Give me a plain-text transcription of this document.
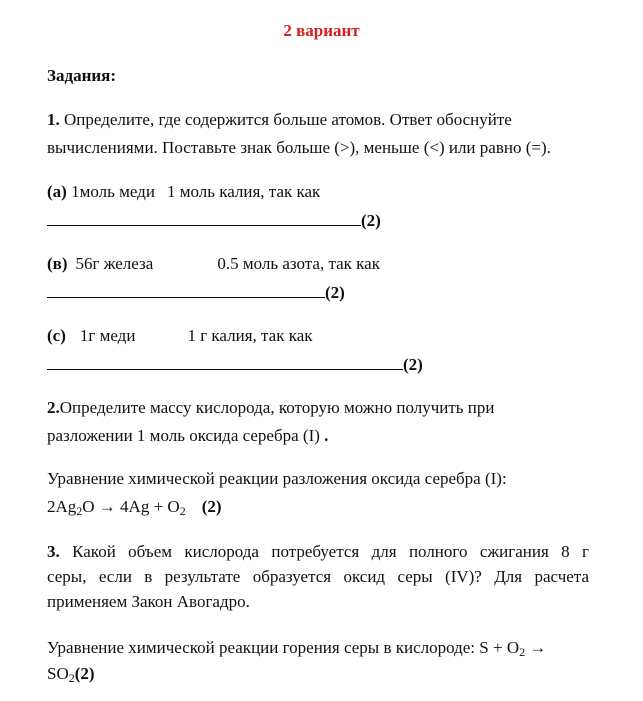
2 вариант
Задания:
1. Определите, где содержится больше атомов. Ответ обоснуйте
вычислениями. Поставьте знак больше (>), меньше (<) или равно (=).
(а) 1моль меди 1 моль калия, так как
(2)
(в) 56г железа	0.5 моль азота, так как
(2)
(с) 1г меди	1 г калия, так как
(2)
2.Определите массу кислорода, которую можно получить при
разложении 1 моль оксида серебра (I) .
Уравнение химической реакции разложения оксида серебра (I):
$2Ag_2O \to 4Ag + O_2$ (2)
3. Какой объем кислорода потребуется для полного сжигания 8 г
серы, если в результате образуется оксид серы (IV)? Для расчета
применяем Закон Авогадро.
Уравнение химической реакции горения серы в кислороде: $S + O_2$ →
$SO_2(2)$
